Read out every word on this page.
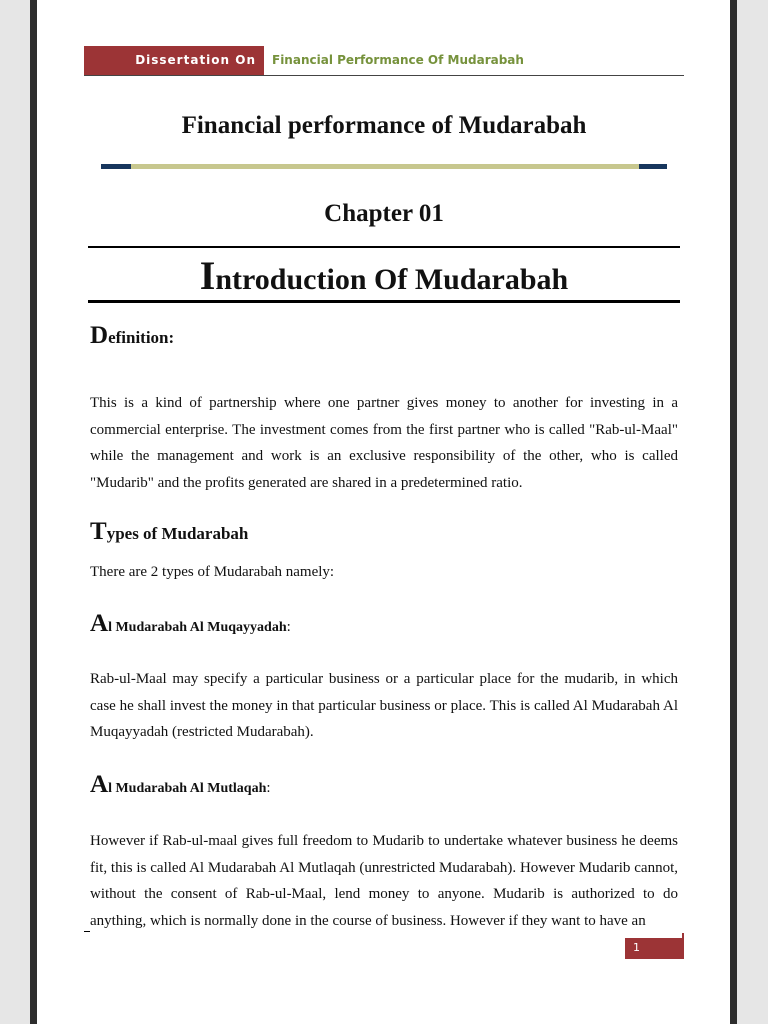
Dissertation On	Financial Performance Of Mudarabah
Financial performance of Mudarabah
Chapter 01
Introduction Of Mudarabah
Definition:
This is a kind of partnership where one partner gives money to another for investing in a commercial enterprise. The investment comes from the first partner who is called "Rab-ul-Maal" while the management and work is an exclusive responsibility of the other, who is called "Mudarib" and the profits generated are shared in a predetermined ratio.
Types of Mudarabah
There are 2 types of Mudarabah namely:
Al Mudarabah Al Muqayyadah:
Rab-ul-Maal may specify a particular business or a particular place for the mudarib, in which case he shall invest the money in that particular business or place. This is called Al Mudarabah Al Muqayyadah (restricted Mudarabah).
Al Mudarabah Al Mutlaqah:
However if Rab-ul-maal gives full freedom to Mudarib to undertake whatever business he deems fit, this is called Al Mudarabah Al Mutlaqah (unrestricted Mudarabah). However Mudarib cannot, without the consent of Rab-ul-Maal, lend money to anyone. Mudarib is authorized to do anything, which is normally done in the course of business. However if they want to have an
1
